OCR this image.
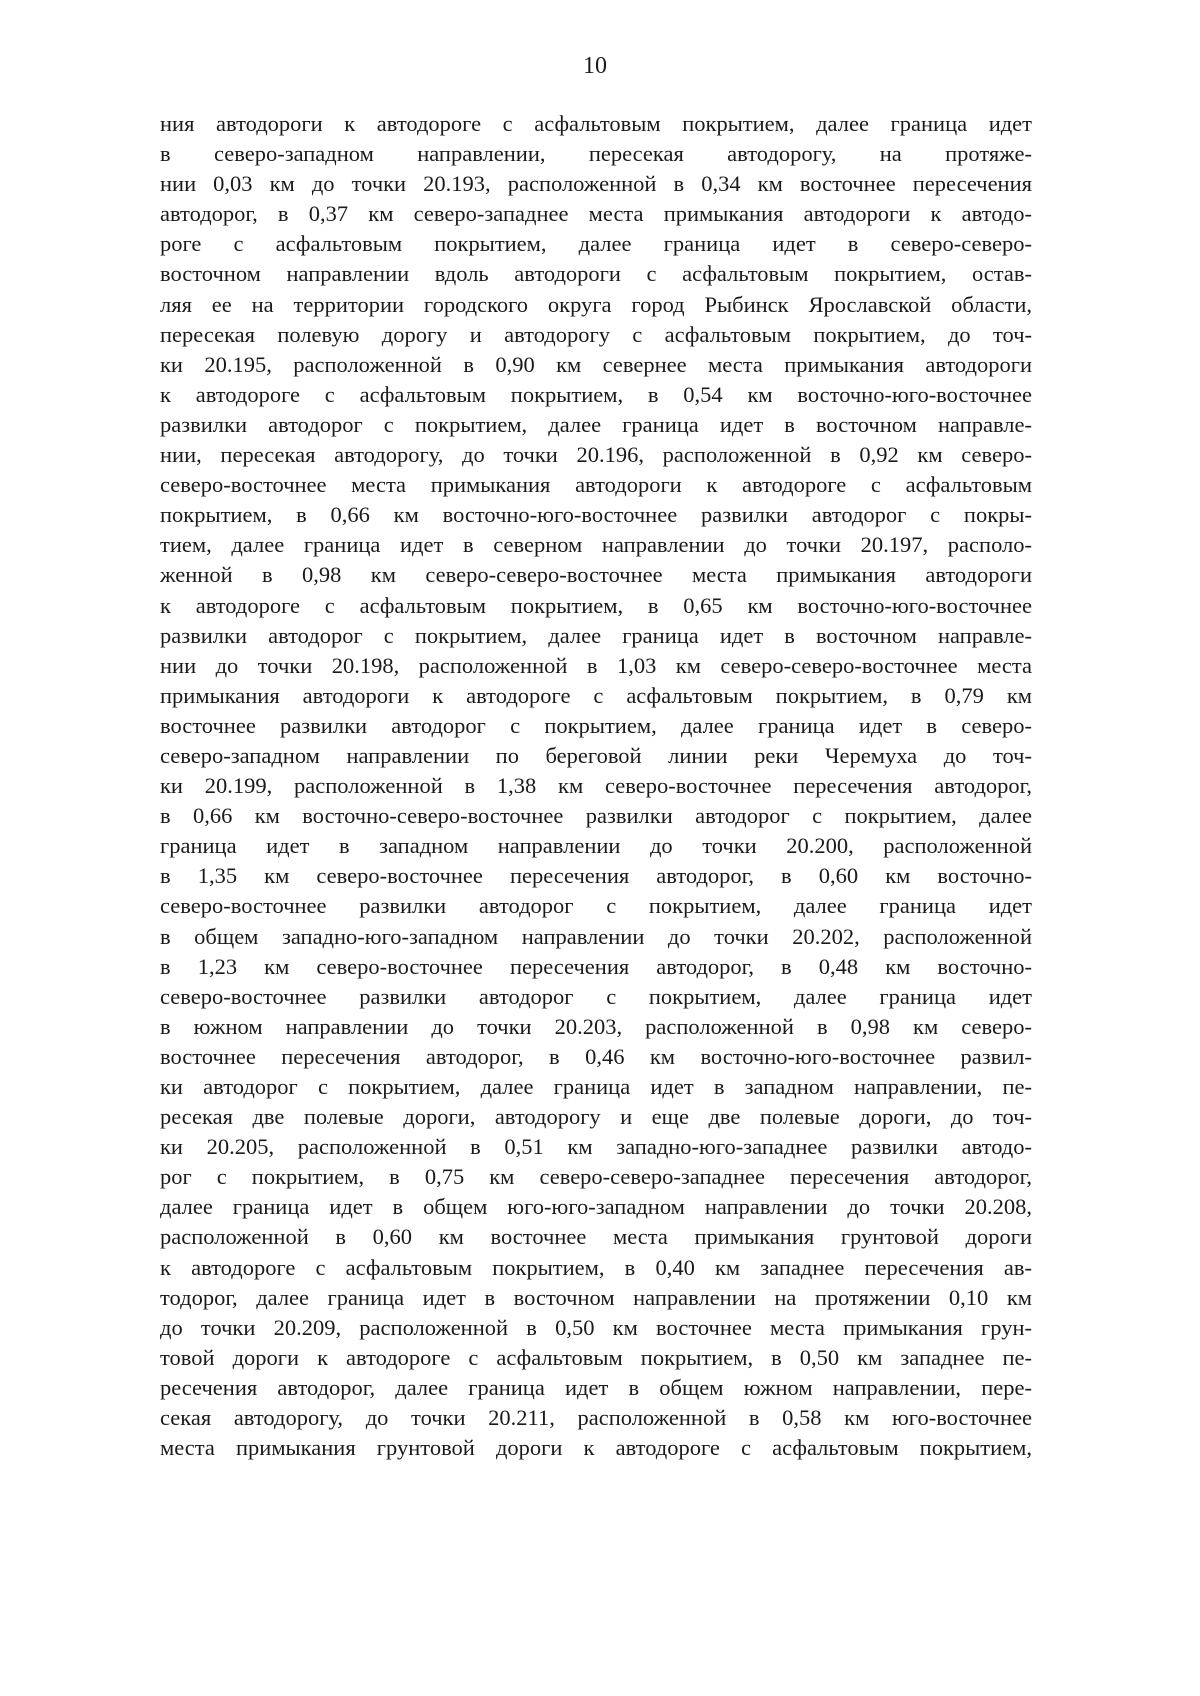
10
ния автодороги к автодороге с асфальтовым покрытием, далее граница идет
в северо-западном направлении, пересекая автодорогу, на протяже-
нии 0,03 км до точки 20.193, расположенной в 0,34 км восточнее пересечения
автодорог, в 0,37 км северо-западнее места примыкания автодороги к автодо-
роге с асфальтовым покрытием, далее граница идет в северо-северо-
восточном направлении вдоль автодороги с асфальтовым покрытием, остав-
ляя ее на территории городского округа город Рыбинск Ярославской области,
пересекая полевую дорогу и автодорогу с асфальтовым покрытием, до точ-
ки 20.195, расположенной в 0,90 км севернее места примыкания автодороги
к автодороге с асфальтовым покрытием, в 0,54 км восточно-юго-восточнее
развилки автодорог с покрытием, далее граница идет в восточном направле-
нии, пересекая автодорогу, до точки 20.196, расположенной в 0,92 км северо-
северо-восточнее места примыкания автодороги к автодороге с асфальтовым
покрытием, в 0,66 км восточно-юго-восточнее развилки автодорог с покры-
тием, далее граница идет в северном направлении до точки 20.197, располо-
женной в 0,98 км северо-северо-восточнее места примыкания автодороги
к автодороге с асфальтовым покрытием, в 0,65 км восточно-юго-восточнее
развилки автодорог с покрытием, далее граница идет в восточном направле-
нии до точки 20.198, расположенной в 1,03 км северо-северо-восточнее места
примыкания автодороги к автодороге с асфальтовым покрытием, в 0,79 км
восточнее развилки автодорог с покрытием, далее граница идет в северо-
северо-западном направлении по береговой линии реки Черемуха до точ-
ки 20.199, расположенной в 1,38 км северо-восточнее пересечения автодорог,
в 0,66 км восточно-северо-восточнее развилки автодорог с покрытием, далее
граница идет в западном направлении до точки 20.200, расположенной
в 1,35 км северо-восточнее пересечения автодорог, в 0,60 км восточно-
северо-восточнее развилки автодорог с покрытием, далее граница идет
в общем западно-юго-западном направлении до точки 20.202, расположенной
в 1,23 км северо-восточнее пересечения автодорог, в 0,48 км восточно-
северо-восточнее развилки автодорог с покрытием, далее граница идет
в южном направлении до точки 20.203, расположенной в 0,98 км северо-
восточнее пересечения автодорог, в 0,46 км восточно-юго-восточнее развил-
ки автодорог с покрытием, далее граница идет в западном направлении, пе-
ресекая две полевые дороги, автодорогу и еще две полевые дороги, до точ-
ки 20.205, расположенной в 0,51 км западно-юго-западнее развилки автодо-
рог с покрытием, в 0,75 км северо-северо-западнее пересечения автодорог,
далее граница идет в общем юго-юго-западном направлении до точки 20.208,
расположенной в 0,60 км восточнее места примыкания грунтовой дороги
к автодороге с асфальтовым покрытием, в 0,40 км западнее пересечения ав-
тодорог, далее граница идет в восточном направлении на протяжении 0,10 км
до точки 20.209, расположенной в 0,50 км восточнее места примыкания грун-
товой дороги к автодороге с асфальтовым покрытием, в 0,50 км западнее пе-
ресечения автодорог, далее граница идет в общем южном направлении, пере-
секая автодорогу, до точки 20.211, расположенной в 0,58 км юго-восточнее
места примыкания грунтовой дороги к автодороге с асфальтовым покрытием,
